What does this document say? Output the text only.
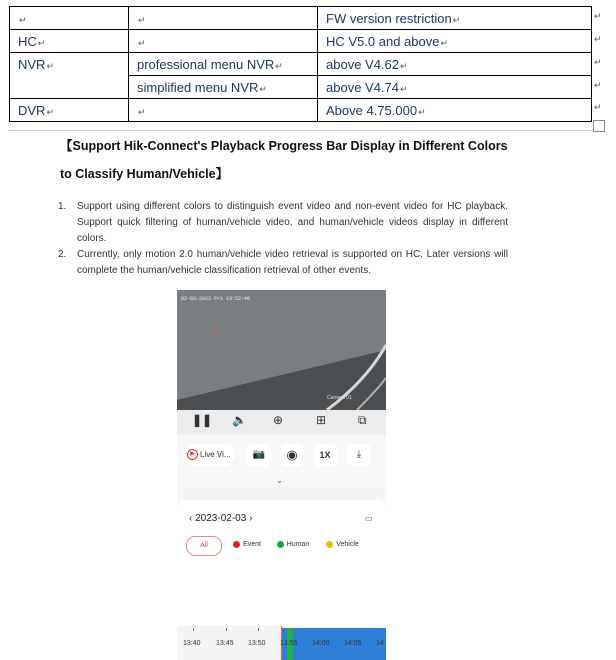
↵	↵	FW version restriction↵
HC↵	↵	HC V5.0 and above↵
NVR↵	professional menu NVR↵	above V4.62↵
	simplified menu NVR↵	above V4.74↵
DVR↵	↵	Above 4.75.000↵
↵
↵
↵
↵
↵
【Support Hik-Connect's Playback Progress Bar Display in Different Colors
to Classify Human/Vehicle】
1. Support using different colors to distinguish event video and non-event video for HC playback. Support quick filtering of human/vehicle video, and human/vehicle videos display in different colors.
2. Currently, only motion 2.0 human/vehicle video retrieval is supported on HC. Later versions will complete the human/vehicle classification retrieval of other events.
02-03-2023 Fri 13:52:49
Camera 01
❚❚ 🔈 ⊕	⊞	⧉
▶ Live Vi...	📷	◉	1X	⤓
⌄
‹ 2023-02-03 ›	▭
All	Event	Human	Vehicle
13:40 13:45 13:50 13:55 14:00 14:05 14
